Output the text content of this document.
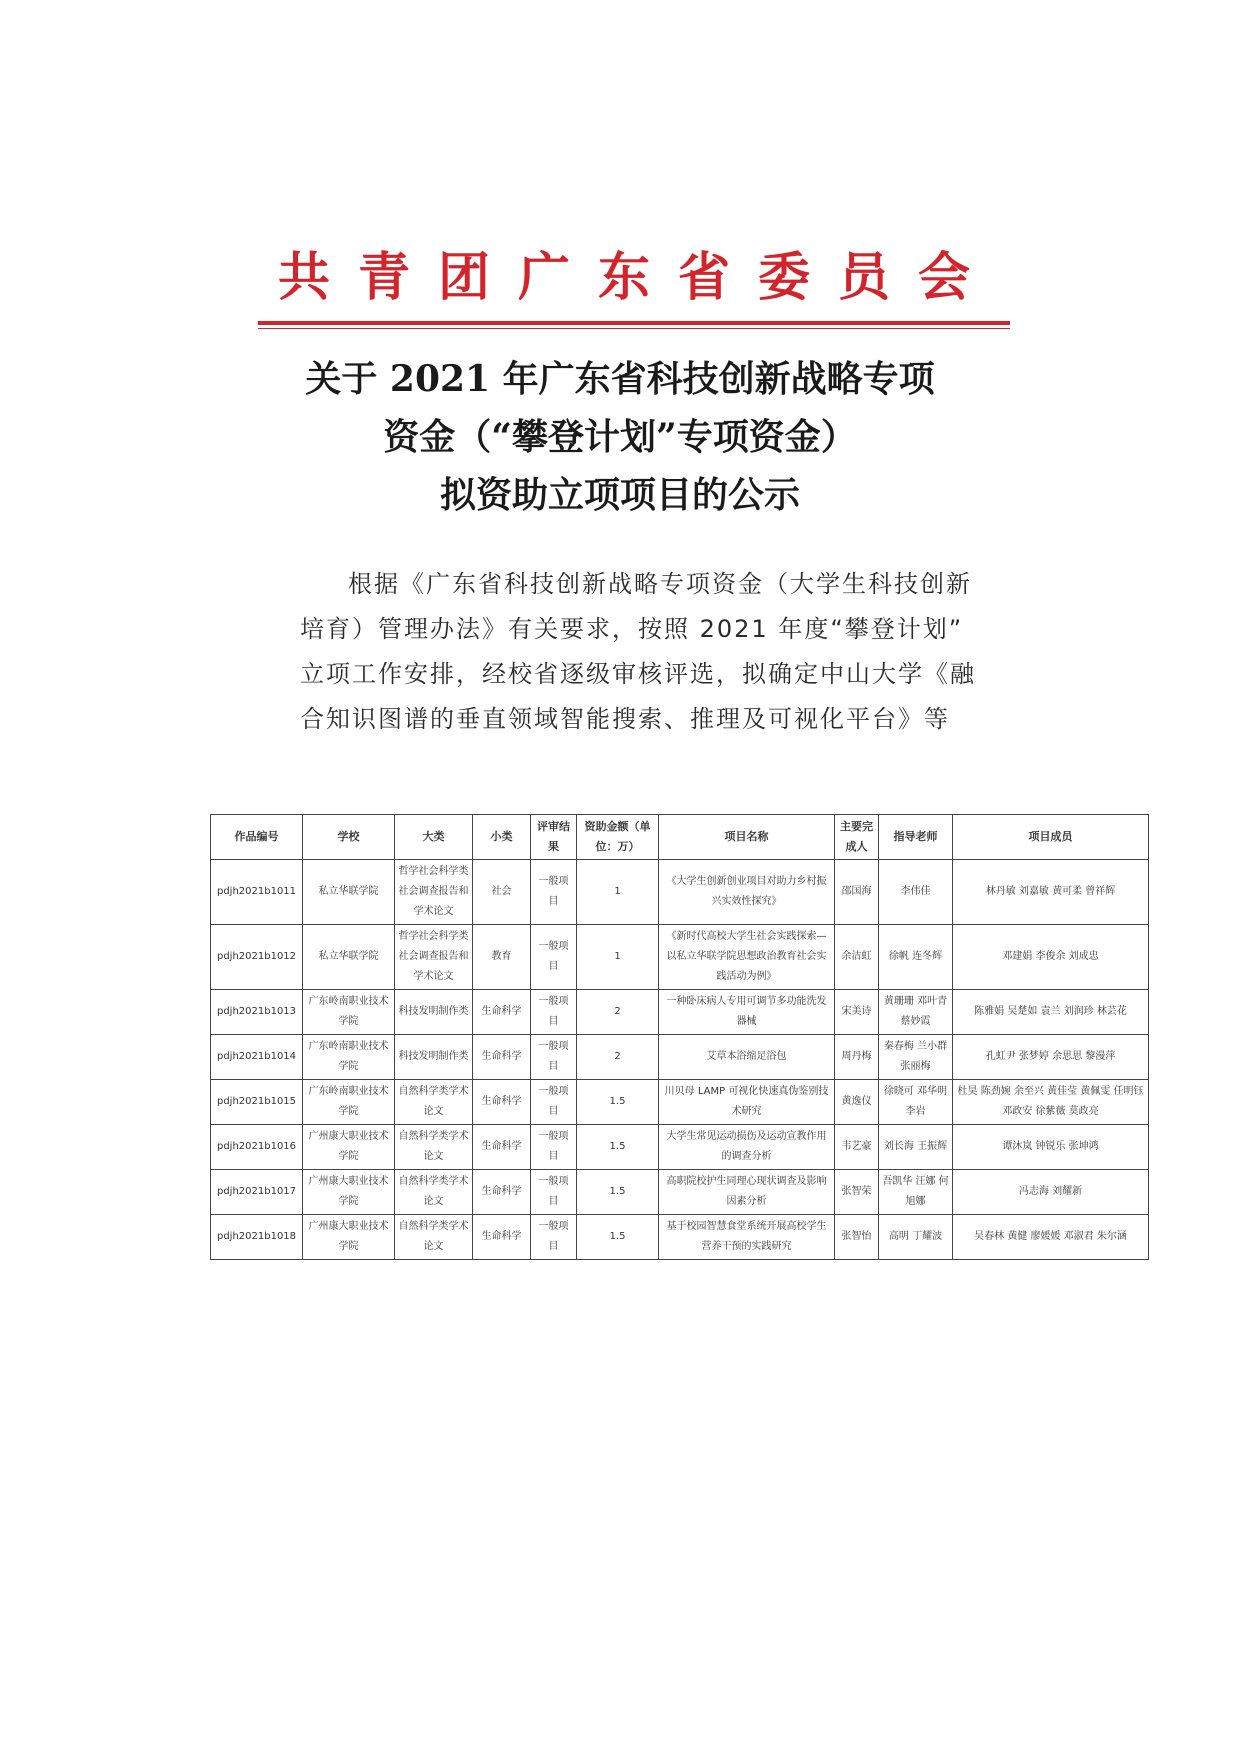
共青团广东省委员会
关于 2021 年广东省科技创新战略专项
资金（“攀登计划”专项资金）
拟资助立项项目的公示
根据《广东省科技创新战略专项资金（大学生科技创新
培育）管理办法》有关要求，按照 2021 年度“攀登计划”
立项工作安排，经校省逐级审核评选，拟确定中山大学《融
合知识图谱的垂直领域智能搜索、推理及可视化平台》等
作品编号	学校	大类	小类	评审结果	资助金额（单位：万）	项目名称	主要完成人	指导老师	项目成员
pdjh2021b1011	私立华联学院	哲学社会科学类社会调查报告和学术论文	社会	一般项目	1	《大学生创新创业项目对助力乡村振兴实效性探究》	邵国海	李伟佳	林丹敏 刘嘉敏 黄可柔 曾祥辉
pdjh2021b1012	私立华联学院	哲学社会科学类社会调查报告和学术论文	教育	一般项目	1	《新时代高校大学生社会实践探索—以私立华联学院思想政治教育社会实践活动为例》	余洁虹	徐帆 连冬辉	邓建娟 李俊余 刘成忠
pdjh2021b1013	广东岭南职业技术学院	科技发明制作类	生命科学	一般项目	2	一种卧床病人专用可调节多功能洗发器械	宋美诗	黄珊珊 邓叶青 蔡妙霞	陈雅娟 吴楚如 袁兰 刘润珍 林芸花
pdjh2021b1014	广东岭南职业技术学院	科技发明制作类	生命科学	一般项目	2	艾草本浴缩足浴包	周丹梅	秦春梅 兰小群 张丽梅	孔虹尹 张梦婷 余思思 黎漫萍
pdjh2021b1015	广东岭南职业技术学院	自然科学类学术论文	生命科学	一般项目	1.5	川贝母 LAMP 可视化快速真伪鉴别技术研究	黄逸仪	徐晓可 邓华明 李岩	杜昊 陈劲婉 余至兴 黄佳莹 黄佩雯 任明钰 邓政安 徐紫薇 莫政亮
pdjh2021b1016	广州康大职业技术学院	自然科学类学术论文	生命科学	一般项目	1.5	大学生常见运动损伤及运动宣教作用的调查分析	韦艺豪	刘长海 王振辉	谭沐岚 钟锐乐 张坤鸿
pdjh2021b1017	广州康大职业技术学院	自然科学类学术论文	生命科学	一般项目	1.5	高职院校护生同理心现状调查及影响因素分析	张智荣	吾凯华 汪娜 何旭娜	冯志海 刘耀新
pdjh2021b1018	广州康大职业技术学院	自然科学类学术论文	生命科学	一般项目	1.5	基于校园智慧食堂系统开展高校学生营养干预的实践研究	张智怡	高明 丁耀波	吴春林 黄健 廖媛媛 邓淑君 朱尔涵
